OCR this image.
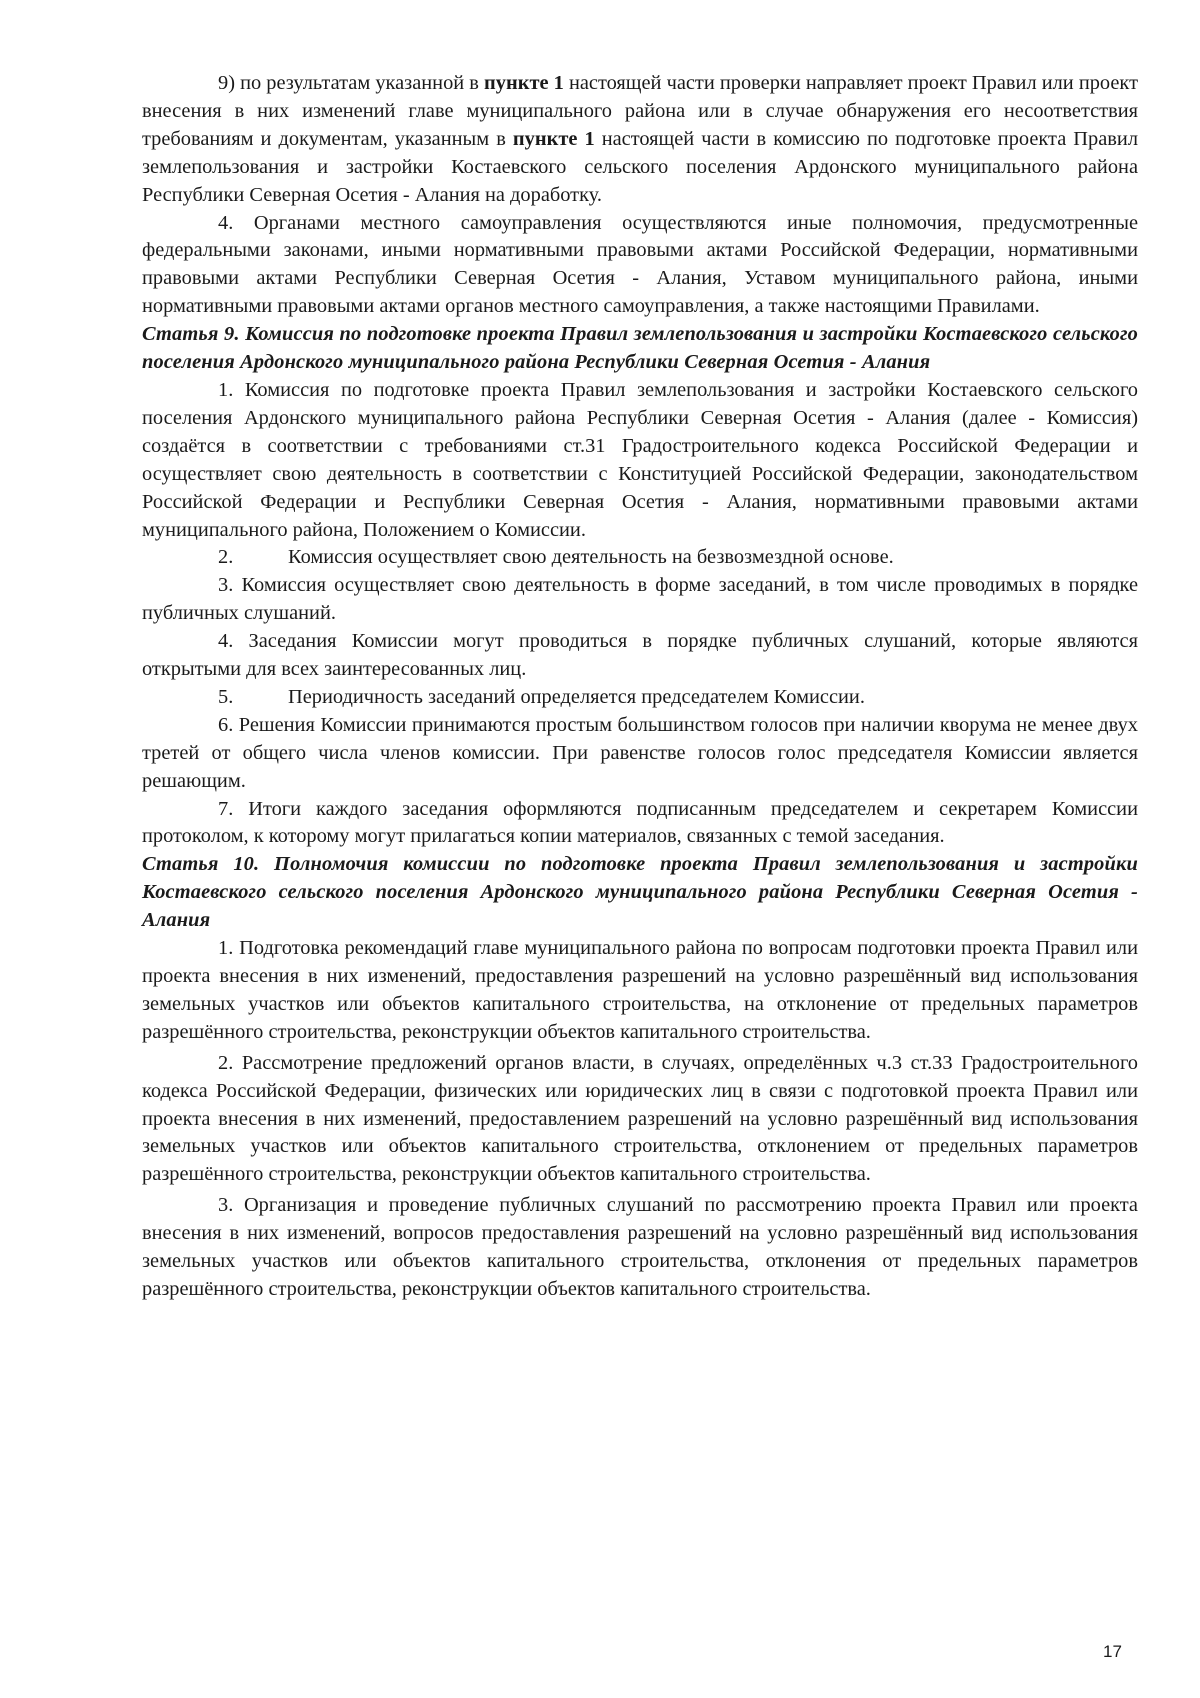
9) по результатам указанной в пункте 1 настоящей части проверки направляет проект Правил или проект внесения в них изменений главе муниципального района или в случае обнаружения его несоответствия требованиям и документам, указанным в пункте 1 настоящей части в комиссию по подготовке проекта Правил землепользования и застройки Костаевского сельского поселения Ардонского муниципального района Республики Северная Осетия - Алания на доработку.

4. Органами местного самоуправления осуществляются иные полномочия, предусмотренные федеральными законами, иными нормативными правовыми актами Российской Федерации, нормативными правовыми актами Республики Северная Осетия - Алания, Уставом муниципального района, иными нормативными правовыми актами органов местного самоуправления, а также настоящими Правилами.

Статья 9. Комиссия по подготовке проекта Правил землепользования и застройки Костаевского сельского поселения Ардонского муниципального района Республики Северная Осетия - Алания

1. Комиссия по подготовке проекта Правил землепользования и застройки Костаевского сельского поселения Ардонского муниципального района Республики Северная Осетия - Алания (далее - Комиссия) создаётся в соответствии с требованиями ст.31 Градостроительного кодекса Российской Федерации и осуществляет свою деятельность в соответствии с Конституцией Российской Федерации, законодательством Российской Федерации и Республики Северная Осетия - Алания, нормативными правовыми актами муниципального района, Положением о Комиссии.

2.	Комиссия осуществляет свою деятельность на безвозмездной основе.

3. Комиссия осуществляет свою деятельность в форме заседаний, в том числе проводимых в порядке публичных слушаний.

4. Заседания Комиссии могут проводиться в порядке публичных слушаний, которые являются открытыми для всех заинтересованных лиц.

5.	Периодичность заседаний определяется председателем Комиссии.

6. Решения Комиссии принимаются простым большинством голосов при наличии кворума не менее двух третей от общего числа членов комиссии. При равенстве голосов голос председателя Комиссии является решающим.

7. Итоги каждого заседания оформляются подписанным председателем и секретарем Комиссии протоколом, к которому могут прилагаться копии материалов, связанных с темой заседания.

Статья 10. Полномочия комиссии по подготовке проекта Правил землепользования и застройки Костаевского сельского поселения Ардонского муниципального района Республики Северная Осетия - Алания

1. Подготовка рекомендаций главе муниципального района по вопросам подготовки проекта Правил или проекта внесения в них изменений, предоставления разрешений на условно разрешённый вид использования земельных участков или объектов капитального строительства, на отклонение от предельных параметров разрешённого строительства, реконструкции объектов капитального строительства.

2. Рассмотрение предложений органов власти, в случаях, определённых ч.3 ст.33 Градостроительного кодекса Российской Федерации, физических или юридических лиц в связи с подготовкой проекта Правил или проекта внесения в них изменений, предоставлением разрешений на условно разрешённый вид использования земельных участков или объектов капитального строительства, отклонением от предельных параметров разрешённого строительства, реконструкции объектов капитального строительства.

3. Организация и проведение публичных слушаний по рассмотрению проекта Правил или проекта внесения в них изменений, вопросов предоставления разрешений на условно разрешённый вид использования земельных участков или объектов капитального строительства, отклонения от предельных параметров разрешённого строительства, реконструкции объектов капитального строительства.

17
